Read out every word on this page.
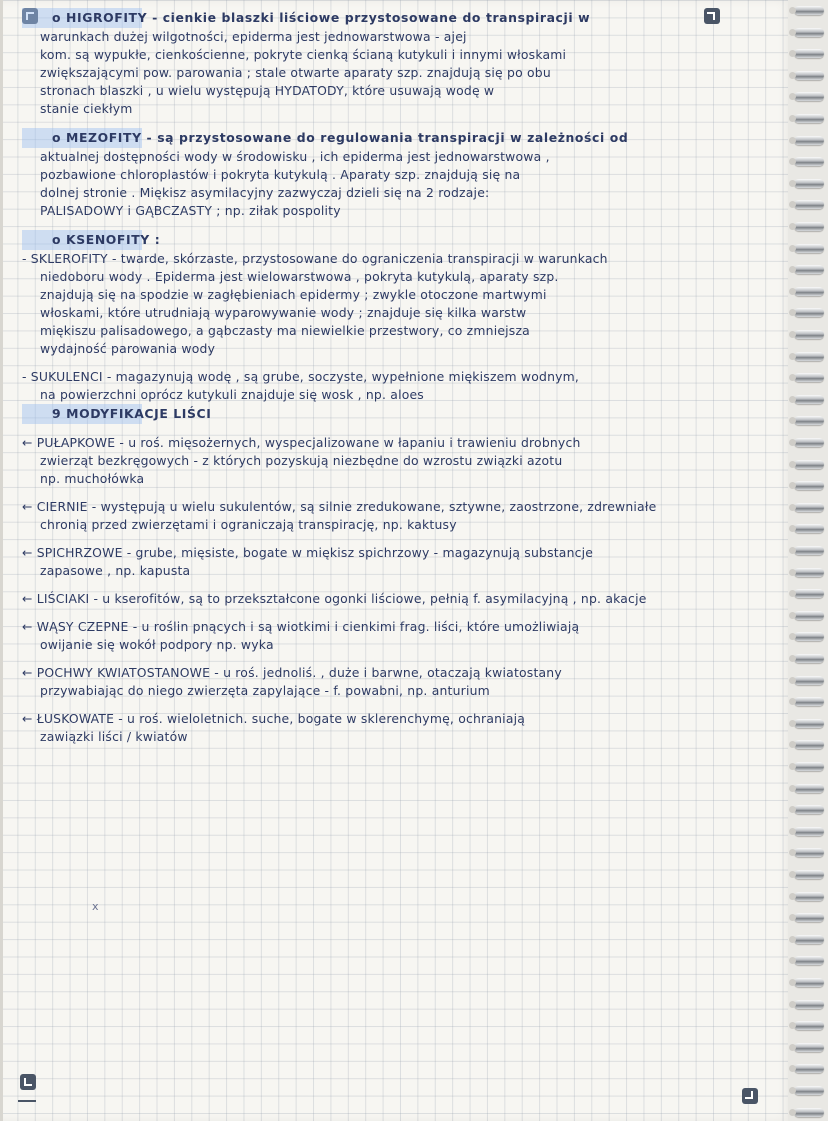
o HIGROFITY - cienkie blaszki liściowe przystosowane do transpiracji w
warunkach dużej wilgotności, epiderma jest jednowarstwowa - ajej
kom. są wypukłe, cienkościenne, pokryte cienką ścianą kutykuli i innymi włoskami
zwiększającymi pow. parowania ; stale otwarte aparaty szp. znajdują się po obu
stronach blaszki , u wielu występują HYDATODY, które usuwają wodę w
stanie ciekłym
o MEZOFITY - są przystosowane do regulowania transpiracji w zależności od
aktualnej dostępności wody w środowisku , ich epiderma jest jednowarstwowa ,
pozbawione chloroplastów i pokryta kutykulą . Aparaty szp. znajdują się na
dolnej stronie . Miękisz asymilacyjny zazwyczaj dzieli się na 2 rodzaje:
PALISADOWY i GĄBCZASTY ; np. ziłak pospolity
o KSENOFITY :
- SKLEROFITY - twarde, skórzaste, przystosowane do ograniczenia transpiracji w warunkach
niedoboru wody . Epiderma jest wielowarstwowa , pokryta kutykulą, aparaty szp.
znajdują się na spodzie w zagłębieniach epidermy ; zwykle otoczone martwymi
włoskami, które utrudniają wyparowywanie wody ; znajduje się kilka warstw
miękiszu palisadowego, a gąbczasty ma niewielkie przestwory, co zmniejsza
wydajność parowania wody
- SUKULENCI - magazynują wodę , są grube, soczyste, wypełnione miękiszem wodnym,
na powierzchni oprócz kutykuli znajduje się wosk , np. aloes
9 MODYFIKACJE LIŚCI
← PUŁAPKOWE - u roś. mięsożernych, wyspecjalizowane w łapaniu i trawieniu drobnych
zwierząt bezkręgowych - z których pozyskują niezbędne do wzrostu związki azotu
np. muchołówka
← CIERNIE - występują u wielu sukulentów, są silnie zredukowane, sztywne, zaostrzone, zdrewniałe
chronią przed zwierzętami i ograniczają transpirację, np. kaktusy
← SPICHRZOWE - grube, mięsiste, bogate w miękisz spichrzowy - magazynują substancje
zapasowe , np. kapusta
← LIŚCIAKI - u kserofitów, są to przekształcone ogonki liściowe, pełnią f. asymilacyjną , np. akacje
← WĄSY CZEPNE - u roślin pnących i są wiotkimi i cienkimi frag. liści, które umożliwiają
owijanie się wokół podpory np. wyka
← POCHWY KWIATOSTANOWE - u roś. jednoliś. , duże i barwne, otaczają kwiatostany
przywabiając do niego zwierzęta zapylające - f. powabni, np. anturium
← ŁUSKOWATE - u roś. wieloletnich. suche, bogate w sklerenchymę, ochraniają
zawiązki liści / kwiatów
x
